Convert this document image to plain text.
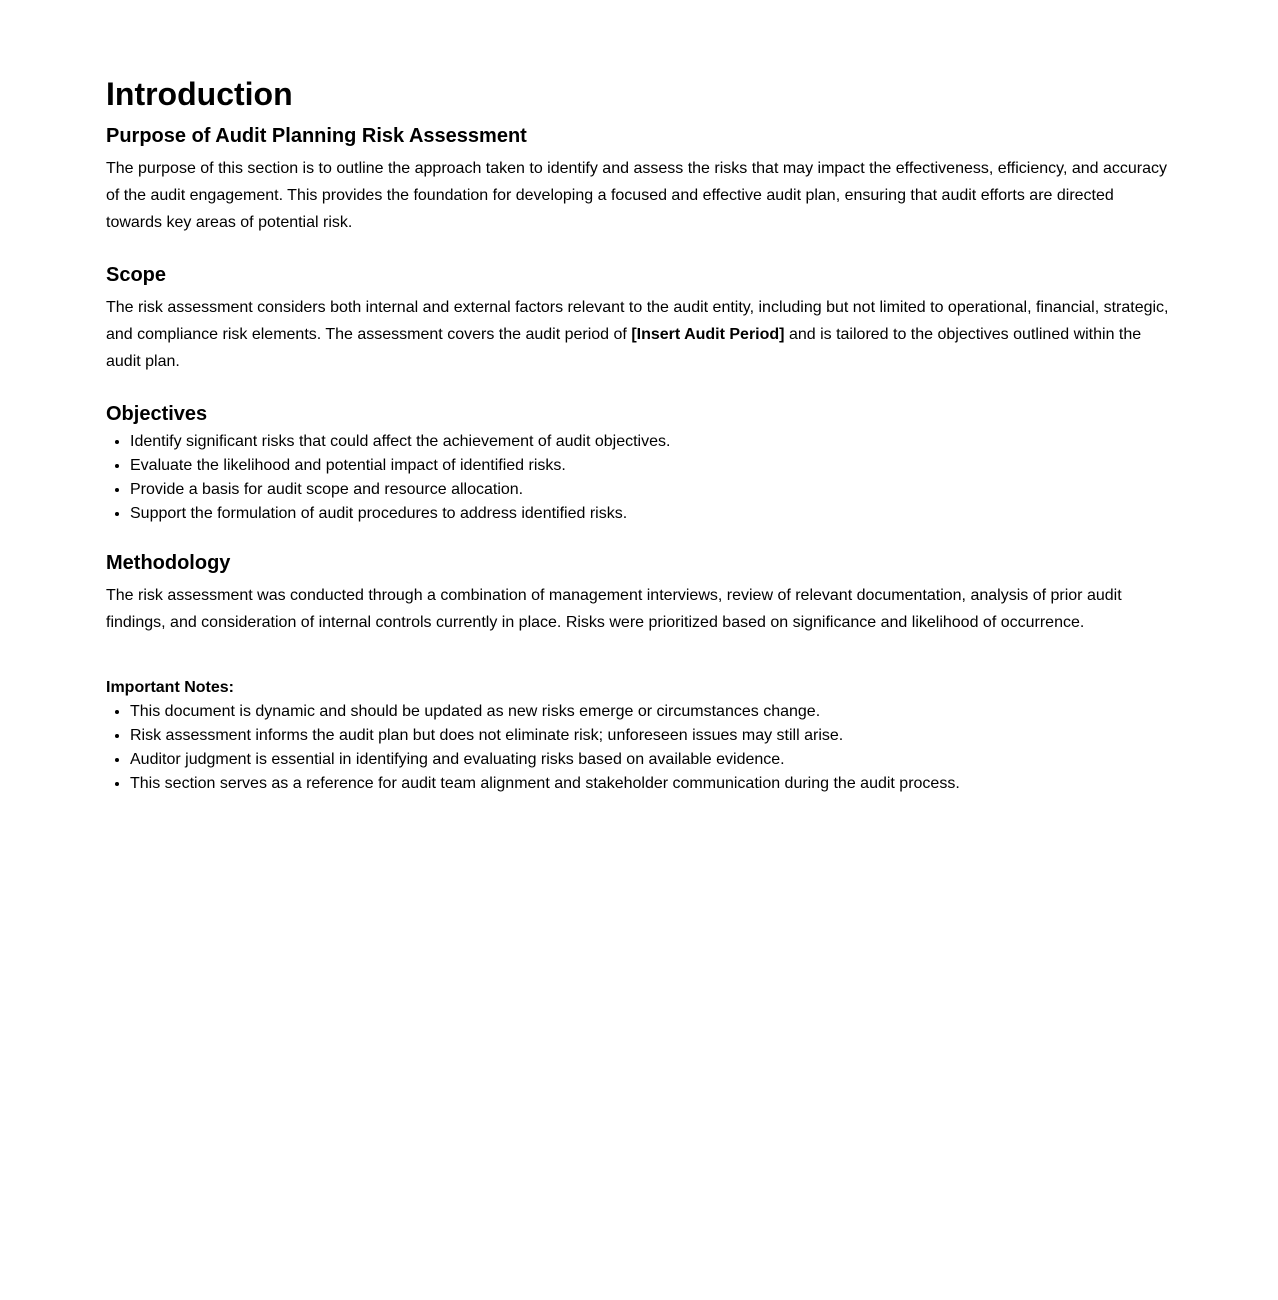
Introduction
Purpose of Audit Planning Risk Assessment

The purpose of this section is to outline the approach taken to identify and assess the risks that may impact the effectiveness, efficiency, and accuracy of the audit engagement. This provides the foundation for developing a focused and effective audit plan, ensuring that audit efforts are directed towards key areas of potential risk.

Scope

The risk assessment considers both internal and external factors relevant to the audit entity, including but not limited to operational, financial, strategic, and compliance risk elements. The assessment covers the audit period of [Insert Audit Period] and is tailored to the objectives outlined within the audit plan.

Objectives
• Identify significant risks that could affect the achievement of audit objectives.
• Evaluate the likelihood and potential impact of identified risks.
• Provide a basis for audit scope and resource allocation.
• Support the formulation of audit procedures to address identified risks.
Methodology

The risk assessment was conducted through a combination of management interviews, review of relevant documentation, analysis of prior audit findings, and consideration of internal controls currently in place. Risks were prioritized based on significance and likelihood of occurrence.

Important Notes:
• This document is dynamic and should be updated as new risks emerge or circumstances change.
• Risk assessment informs the audit plan but does not eliminate risk; unforeseen issues may still arise.
• Auditor judgment is essential in identifying and evaluating risks based on available evidence.
• This section serves as a reference for audit team alignment and stakeholder communication during the audit process.
